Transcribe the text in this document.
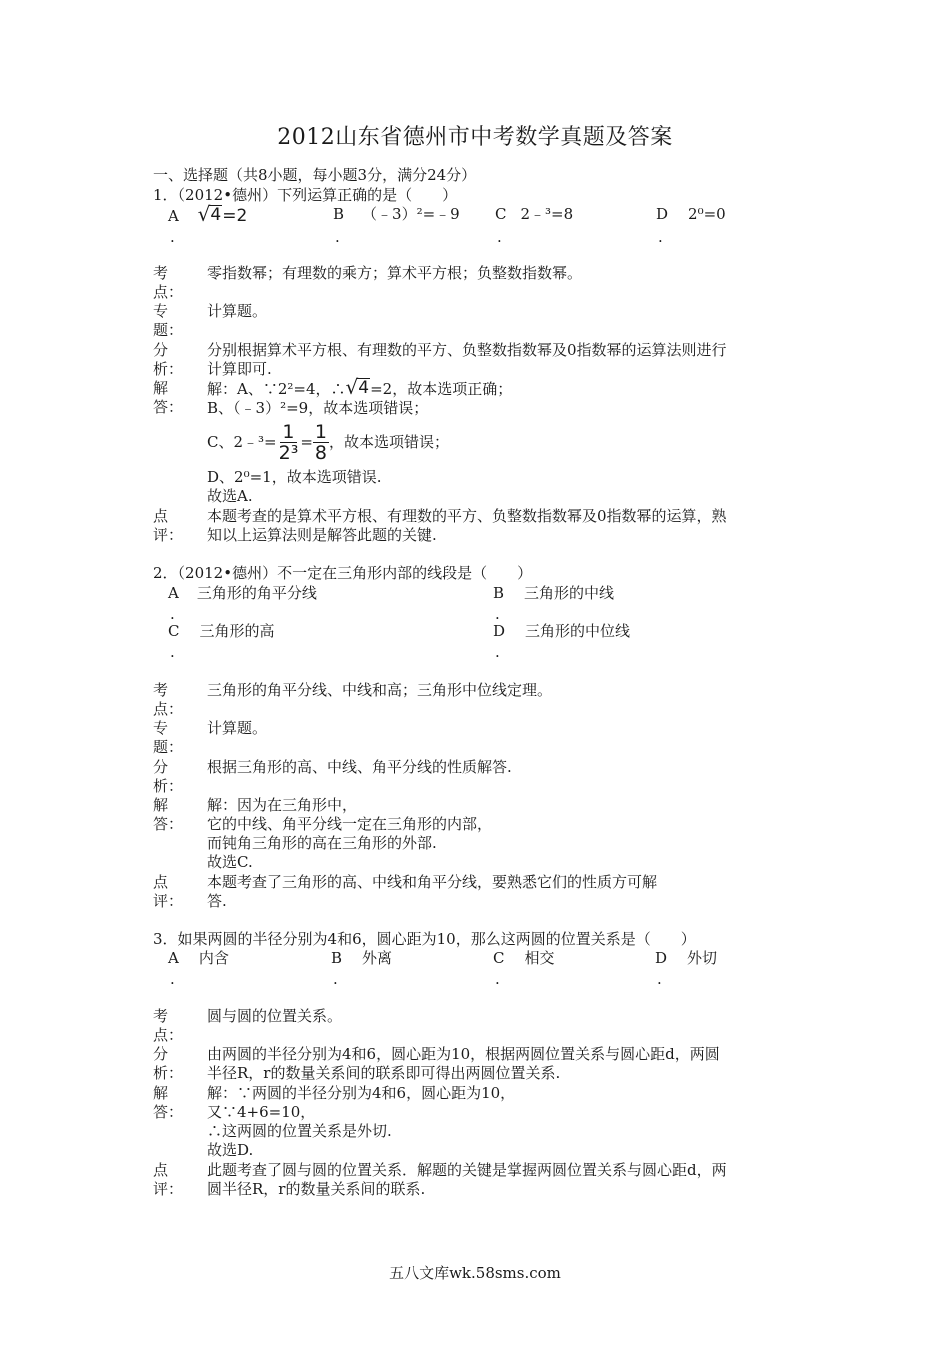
2012山东省德州市中考数学真题及答案
一、选择题（共8小题，每小题3分，满分24分）
1．（2012•德州）下列运算正确的是（　　）
A √ 4 =2
.
B （﹣3）²=﹣9
.
C 2﹣³=8
.
D 2⁰=0
.
考
点：
零指数幂；有理数的乘方；算术平方根；负整数指数幂。
专
题：
计算题。
分
析：
分别根据算术平方根、有理数的平方、负整数指数幂及0指数幂的运算法则进行
计算即可.
解
答：
解：A、∵2²=4，∴ √ 4 =2，故本选项正确；
B、（﹣3）²=9，故本选项错误；
C、2﹣³= $\frac{1}{\text{2³}} = \frac{1}{8}$ ，故本选项错误；
D、2⁰=1，故本选项错误.
故选A.
点
评：
本题考查的是算术平方根、有理数的平方、负整数指数幂及0指数幂的运算，熟
知以上运算法则是解答此题的关键.
2．（2012•德州）不一定在三角形内部的线段是（　　）
A 三角形的角平分线
.
B 三角形的中线
.
C 三角形的高
.
D 三角形的中位线
.
考
点：
三角形的角平分线、中线和高；三角形中位线定理。
专
题：
计算题。
分
析：
根据三角形的高、中线、角平分线的性质解答.
解
答：
解：因为在三角形中，
它的中线、角平分线一定在三角形的内部，
而钝角三角形的高在三角形的外部.
故选C.
点
评：
本题考查了三角形的高、中线和角平分线，要熟悉它们的性质方可解
答.
3．如果两圆的半径分别为4和6，圆心距为10，那么这两圆的位置关系是（　　）
A 内含
.
B 外离
.
C 相交
.
D 外切
.
考
点：
圆与圆的位置关系。
分
析：
由两圆的半径分别为4和6，圆心距为10，根据两圆位置关系与圆心距d，两圆
半径R，r的数量关系间的联系即可得出两圆位置关系.
解
答：
解：∵两圆的半径分别为4和6，圆心距为10，
又∵4+6=10，
∴这两圆的位置关系是外切.
故选D.
点
评：
此题考查了圆与圆的位置关系．解题的关键是掌握两圆位置关系与圆心距d，两
圆半径R，r的数量关系间的联系.
五八文库wk.58sms.com
